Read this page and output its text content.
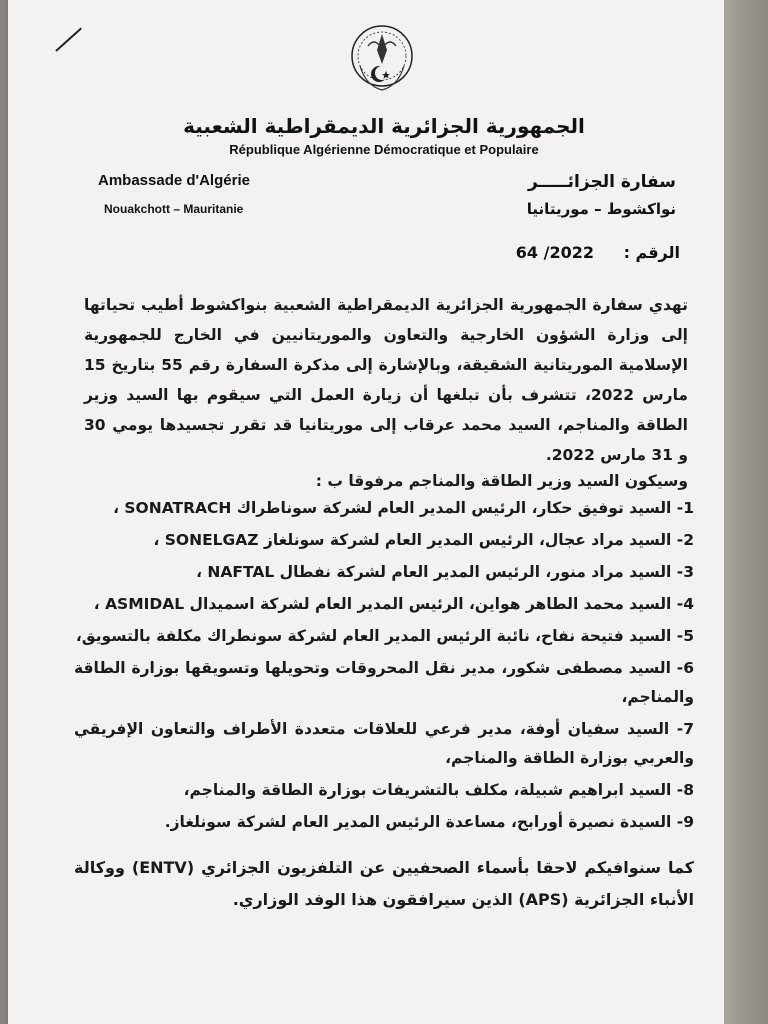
الجمهورية الجزائرية الديمقراطية الشعبية
République Algérienne Démocratique et Populaire
Ambassade d'Algérie
Nouakchott – Mauritanie
سفارة الجزائـــــر
نواكشوط – موريتانيا
الرقم : 64 /2022
تهدي سفارة الجمهورية الجزائرية الديمقراطية الشعبية بنواكشوط أطيب تحياتها إلى وزارة الشؤون الخارجية والتعاون والموريتانيين في الخارج للجمهورية الإسلامية الموريتانية الشقيقة، وبالإشارة إلى مذكرة السفارة رقم 55 بتاريخ 15 مارس 2022، تتشرف بأن تبلغها أن زيارة العمل التي سيقوم بها السيد وزير الطاقة والمناجم، السيد محمد عرقاب إلى موريتانيا قد تقرر تجسيدها يومي 30 و 31 مارس 2022.
وسيكون السيد وزير الطاقة والمناجم مرفوقا ب :
1- السيد توفيق حكار، الرئيس المدير العام لشركة سوناطراك SONATRACH ،
2- السيد مراد عجال، الرئيس المدير العام لشركة سونلغاز SONELGAZ ،
3- السيد مراد منور، الرئيس المدير العام لشركة نفطال NAFTAL ،
4- السيد محمد الطاهر هواين، الرئيس المدير العام لشركة اسميدال ASMIDAL ،
5- السيد فتيحة نفاح، نائبة الرئيس المدير العام لشركة سونطراك مكلفة بالتسويق،
6- السيد مصطفى شكور، مدير نقل المحروقات وتحويلها وتسويقها بوزارة الطاقة والمناجم،
7- السيد سفيان أوفة، مدير فرعي للعلاقات متعددة الأطراف والتعاون الإفريقي والعربي بوزارة الطاقة والمناجم،
8- السيد ابراهيم شبيلة، مكلف بالتشريفات بوزارة الطاقة والمناجم،
9- السيدة نصيرة أورابح، مساعدة الرئيس المدير العام لشركة سونلغاز.
كما سنوافيكم لاحقا بأسماء الصحفيين عن التلفزيون الجزائري (ENTV) ووكالة الأنباء الجزائرية (APS) الذين سيرافقون هذا الوفد الوزاري.
